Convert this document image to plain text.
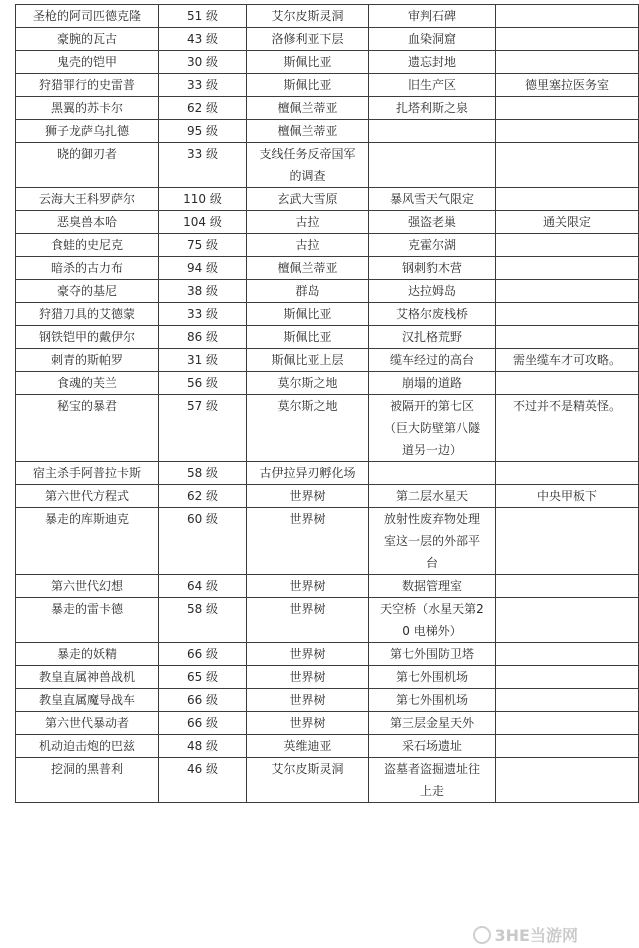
圣枪的阿司匹德克隆	51 级	艾尔皮斯灵洞	审判石碑	
豪腕的瓦古	43 级	洛修利亚下层	血染洞窟	
鬼壳的铠甲	30 级	斯佩比亚	遗忘封地	
狩猎罪行的史雷普	33 级	斯佩比亚	旧生产区	德里塞拉医务室
黑翼的苏卡尔	62 级	檀佩兰蒂亚	扎塔利斯之泉	
狮子龙萨乌扎德	95 级	檀佩兰蒂亚		
晓的御刃者	33 级	支线任务反帝国军的调查		
云海大王科罗萨尔	110 级	玄武大雪原	暴风雪天气限定	
恶臭兽本哈	104 级	古拉	强盗老巢	通关限定
食蛙的史尼克	75 级	古拉	克霍尔湖	
暗杀的古力布	94 级	檀佩兰蒂亚	钢刺豹木营	
豪夺的基尼	38 级	群岛	达拉姆岛	
狩猎刀具的艾德蒙	33 级	斯佩比亚	艾格尔废栈桥	
钢铁铠甲的戴伊尔	86 级	斯佩比亚	汉扎格荒野	
刺青的斯帕罗	31 级	斯佩比亚上层	缆车经过的高台	需坐缆车才可攻略。
食魂的芙兰	56 级	莫尔斯之地	崩塌的道路	
秘宝的暴君	57 级	莫尔斯之地	被隔开的第七区（巨大防壁第八隧道另一边）	不过并不是精英怪。
宿主杀手阿普拉卡斯	58 级	古伊拉异刃孵化场		
第六世代方程式	62 级	世界树	第二层水星天	中央甲板下
暴走的库斯迪克	60 级	世界树	放射性废弃物处理室这一层的外部平台	
第六世代幻想	64 级	世界树	数据管理室	
暴走的雷卡德	58 级	世界树	天空桥（水星天第20 电梯外）	
暴走的妖精	66 级	世界树	第七外围防卫塔	
教皇直属神兽战机	65 级	世界树	第七外围机场	
教皇直属魔导战车	66 级	世界树	第七外围机场	
第六世代暴动者	66 级	世界树	第三层金星天外	
机动迫击炮的巴兹	48 级	英维迪亚	采石场遗址	
挖洞的黑普利	46 级	艾尔皮斯灵洞	盗墓者盗掘遗址往上走	
3HE当游网
